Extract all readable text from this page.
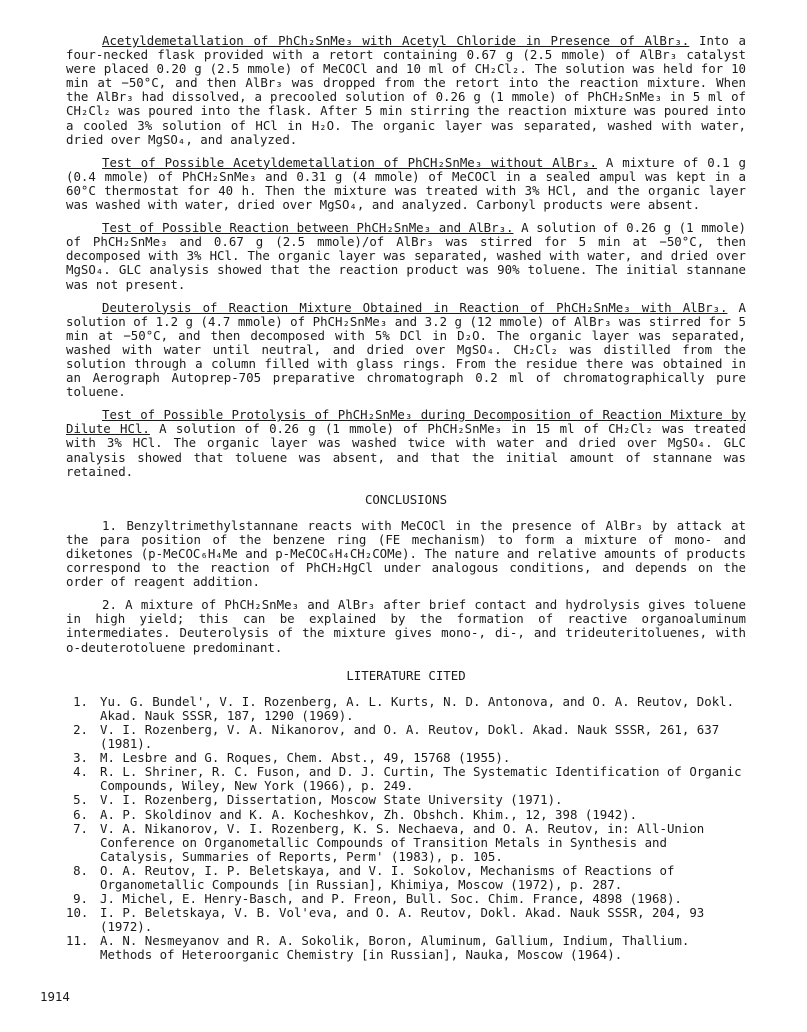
Acetyldemetallation of PhCh₂SnMe₃ with Acetyl Chloride in Presence of AlBr₃. Into a four-necked flask provided with a retort containing 0.67 g (2.5 mmole) of AlBr₃ catalyst were placed 0.20 g (2.5 mmole) of MeCOCl and 10 ml of CH₂Cl₂. The solution was held for 10 min at −50°C, and then AlBr₃ was dropped from the retort into the reaction mixture. When the AlBr₃ had dissolved, a precooled solution of 0.26 g (1 mmole) of PhCH₂SnMe₃ in 5 ml of CH₂Cl₂ was poured into the flask. After 5 min stirring the reaction mixture was poured into a cooled 3% solution of HCl in H₂O. The organic layer was separated, washed with water, dried over MgSO₄, and analyzed.

Test of Possible Acetyldemetallation of PhCH₂SnMe₃ without AlBr₃. A mixture of 0.1 g (0.4 mmole) of PhCH₂SnMe₃ and 0.31 g (4 mmole) of MeCOCl in a sealed ampul was kept in a 60°C thermostat for 40 h. Then the mixture was treated with 3% HCl, and the organic layer was washed with water, dried over MgSO₄, and analyzed. Carbonyl products were absent.

Test of Possible Reaction between PhCH₂SnMe₃ and AlBr₃. A solution of 0.26 g (1 mmole) of PhCH₂SnMe₃ and 0.67 g (2.5 mmole)/of AlBr₃ was stirred for 5 min at −50°C, then decomposed with 3% HCl. The organic layer was separated, washed with water, and dried over MgSO₄. GLC analysis showed that the reaction product was 90% toluene. The initial stannane was not present.

Deuterolysis of Reaction Mixture Obtained in Reaction of PhCH₂SnMe₃ with AlBr₃. A solution of 1.2 g (4.7 mmole) of PhCH₂SnMe₃ and 3.2 g (12 mmole) of AlBr₃ was stirred for 5 min at −50°C, and then decomposed with 5% DCl in D₂O. The organic layer was separated, washed with water until neutral, and dried over MgSO₄. CH₂Cl₂ was distilled from the solution through a column filled with glass rings. From the residue there was obtained in an Aerograph Autoprep-705 preparative chromatograph 0.2 ml of chromatographically pure toluene.

Test of Possible Protolysis of PhCH₂SnMe₃ during Decomposition of Reaction Mixture by Dilute HCl. A solution of 0.26 g (1 mmole) of PhCH₂SnMe₃ in 15 ml of CH₂Cl₂ was treated with 3% HCl. The organic layer was washed twice with water and dried over MgSO₄. GLC analysis showed that toluene was absent, and that the initial amount of stannane was retained.

CONCLUSIONS

1. Benzyltrimethylstannane reacts with MeCOCl in the presence of AlBr₃ by attack at the para position of the benzene ring (FE mechanism) to form a mixture of mono- and diketones (p-MeCOC₆H₄Me and p-MeCOC₆H₄CH₂COMe). The nature and relative amounts of products correspond to the reaction of PhCH₂HgCl under analogous conditions, and depends on the order of reagent addition.

2. A mixture of PhCH₂SnMe₃ and AlBr₃ after brief contact and hydrolysis gives toluene in high yield; this can be explained by the formation of reactive organoaluminum intermediates. Deuterolysis of the mixture gives mono-, di-, and trideuteritoluenes, with o-deuterotoluene predominant.

LITERATURE CITED
1. Yu. G. Bundel', V. I. Rozenberg, A. L. Kurts, N. D. Antonova, and O. A. Reutov, Dokl. Akad. Nauk SSSR, 187, 1290 (1969).
2. V. I. Rozenberg, V. A. Nikanorov, and O. A. Reutov, Dokl. Akad. Nauk SSSR, 261, 637 (1981).
3. M. Lesbre and G. Roques, Chem. Abst., 49, 15768 (1955).
4. R. L. Shriner, R. C. Fuson, and D. J. Curtin, The Systematic Identification of Organic Compounds, Wiley, New York (1966), p. 249.
5. V. I. Rozenberg, Dissertation, Moscow State University (1971).
6. A. P. Skoldinov and K. A. Kocheshkov, Zh. Obshch. Khim., 12, 398 (1942).
7. V. A. Nikanorov, V. I. Rozenberg, K. S. Nechaeva, and O. A. Reutov, in: All-Union Conference on Organometallic Compounds of Transition Metals in Synthesis and Catalysis, Summaries of Reports, Perm' (1983), p. 105.
8. O. A. Reutov, I. P. Beletskaya, and V. I. Sokolov, Mechanisms of Reactions of Organometallic Compounds [in Russian], Khimiya, Moscow (1972), p. 287.
9. J. Michel, E. Henry-Basch, and P. Freon, Bull. Soc. Chim. France, 4898 (1968).
10. I. P. Beletskaya, V. B. Vol'eva, and O. A. Reutov, Dokl. Akad. Nauk SSSR, 204, 93 (1972).
11. A. N. Nesmeyanov and R. A. Sokolik, Boron, Aluminum, Gallium, Indium, Thallium. Methods of Heteroorganic Chemistry [in Russian], Nauka, Moscow (1964).
1914
